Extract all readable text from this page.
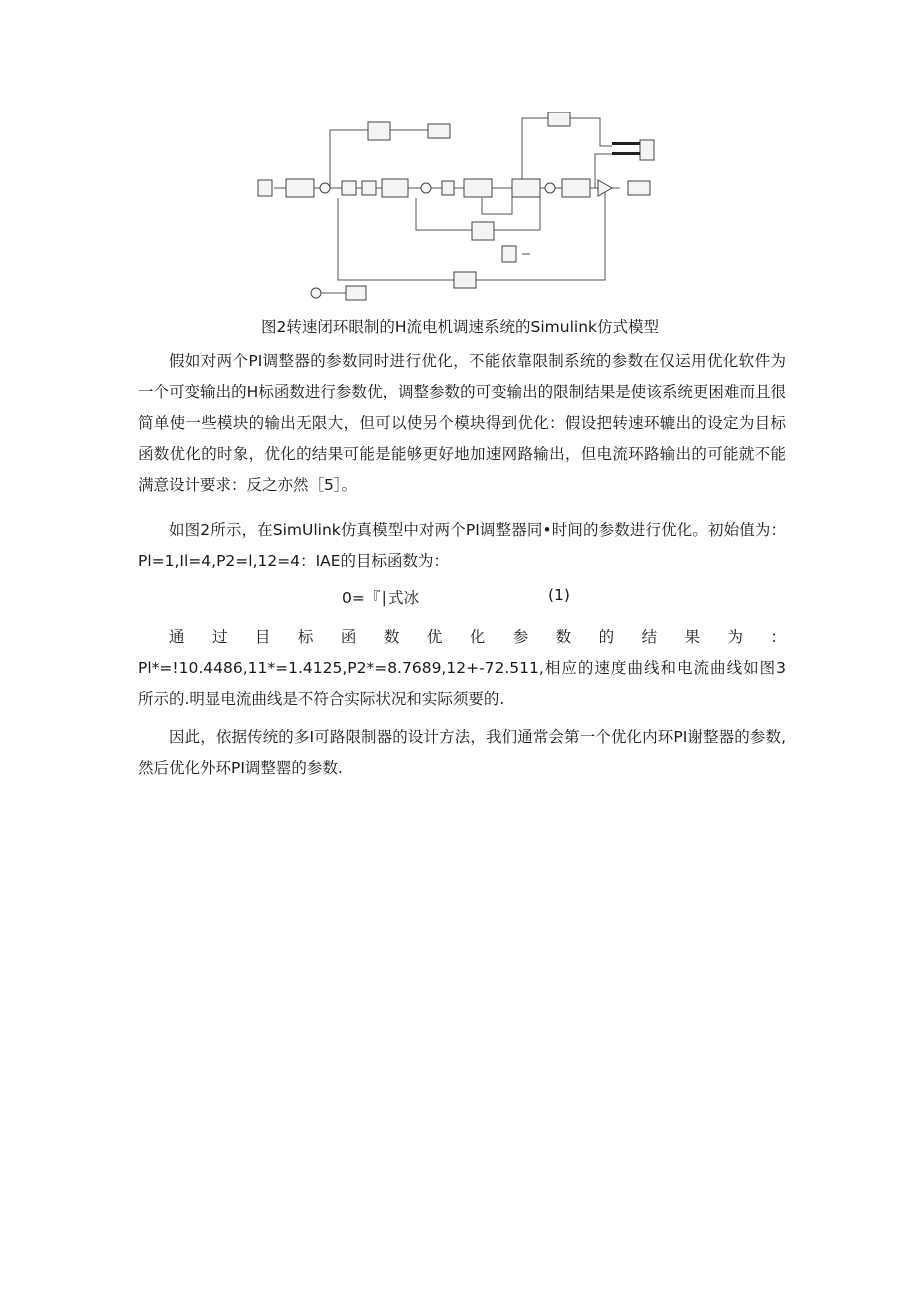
图2转速闭环眼制的H流电机调速系统的Simulink仿式模型

假如对两个PI调整器的参数同时进行优化，不能依靠限制系统的参数在仅运用优化软件为一个可变输出的H标函数进行参数优，调整参数的可变输出的限制结果是使该系统更困难而且很简单使一些模块的输出无限大，但可以使另个模块得到优化：假设把转速环辘出的设定为目标函数优化的时象，优化的结果可能是能够更好地加速网路输出，但电流环路输出的可能就不能满意设计要求：反之亦然［5］。

如图2所示，在SimUlink仿真模型中对两个PI调整器同•时间的参数进行优化。初始值为：Pl=1,Il=4,P2=l,12=4：IAE的目标函数为：

0=『∣式冰	(1)

通过目标函数优化参数的结果为：Pl*=!10.4486,11*=1.4125,P2*=8.7689,12+-72.511,相应的速度曲线和电流曲线如图3所示的.明显电流曲线是不符合实际状况和实际须要的.

因此，依据传统的多I可路限制器的设计方法，我们通常会第一个优化内环PI谢整器的参数,然后优化外环PI调整罂的参数.
